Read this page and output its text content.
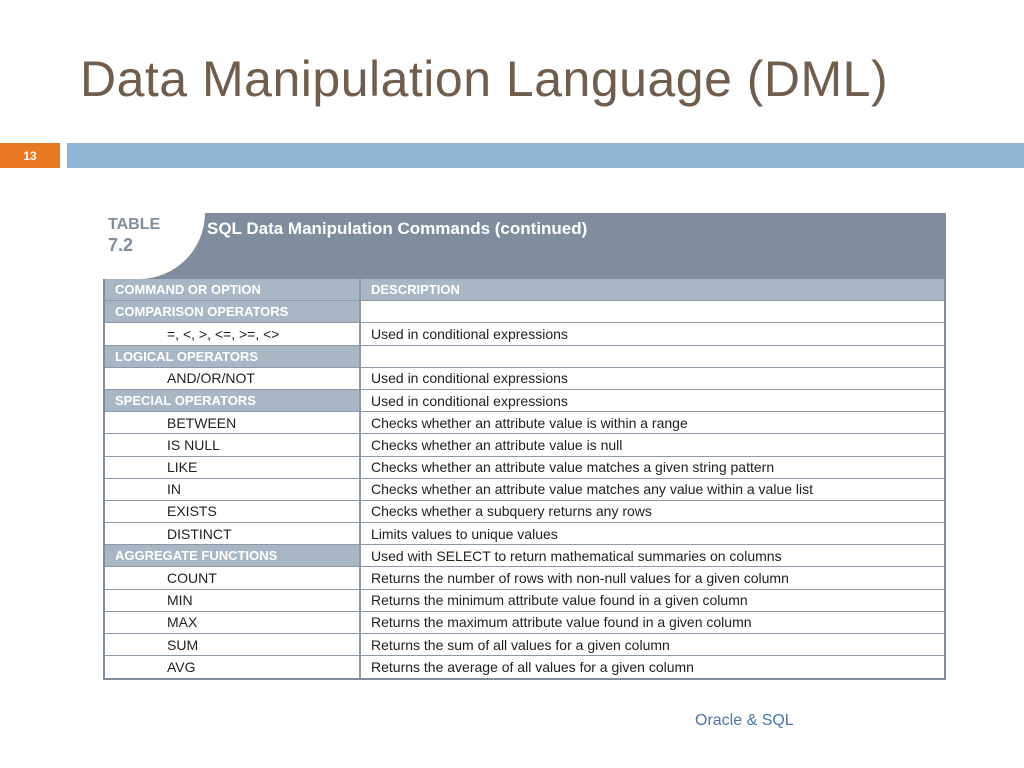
Data Manipulation Language (DML)
13
TABLE
7.2
SQL Data Manipulation Commands (continued)
COMMAND OR OPTION	DESCRIPTION
COMPARISON OPERATORS
=, <, >, <=, >=, <>	Used in conditional expressions
LOGICAL OPERATORS
AND/OR/NOT	Used in conditional expressions
SPECIAL OPERATORS	Used in conditional expressions
BETWEEN	Checks whether an attribute value is within a range
IS NULL	Checks whether an attribute value is null
LIKE	Checks whether an attribute value matches a given string pattern
IN	Checks whether an attribute value matches any value within a value list
EXISTS	Checks whether a subquery returns any rows
DISTINCT	Limits values to unique values
AGGREGATE FUNCTIONS	Used with SELECT to return mathematical summaries on columns
COUNT	Returns the number of rows with non-null values for a given column
MIN	Returns the minimum attribute value found in a given column
MAX	Returns the maximum attribute value found in a given column
SUM	Returns the sum of all values for a given column
AVG	Returns the average of all values for a given column
Oracle & SQL
